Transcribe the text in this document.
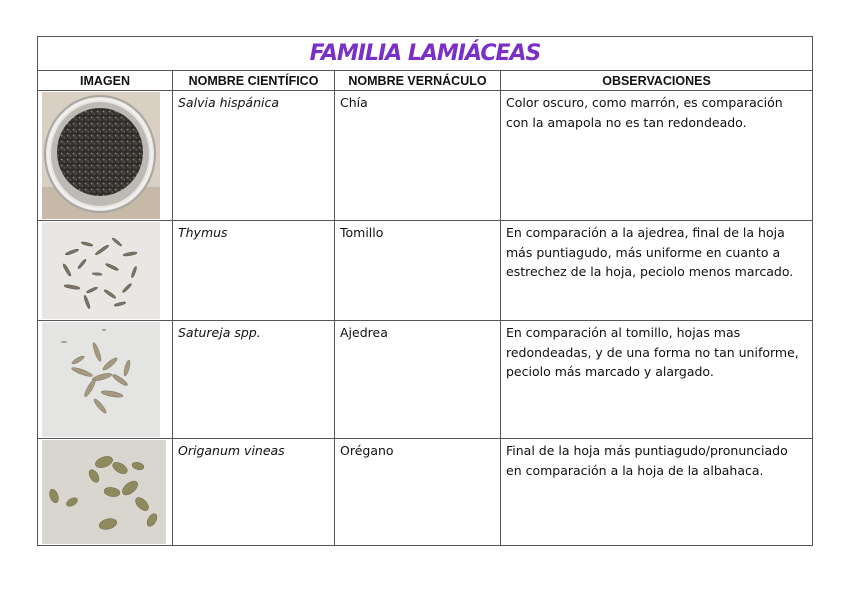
FAMILIA LAMIÁCEAS			
IMAGEN	NOMBRE CIENTÍFICO	NOMBRE VERNÁCULO	OBSERVACIONES

	Salvia hispánica	Chía	Color oscuro, como marrón, es comparación con la amapola no es tan redondeado.

	Thymus	Tomillo	En comparación a la ajedrea, final de la hoja más puntiagudo, más uniforme en cuanto a estrechez de la hoja, peciolo menos marcado.

	Satureja spp.	Ajedrea	En comparación al tomillo, hojas mas redondeadas, y de una forma no tan uniforme, peciolo más marcado y alargado.

	Origanum vineas	Orégano	Final de la hoja más puntiagudo/pronunciado en comparación a la hoja de la albahaca.
